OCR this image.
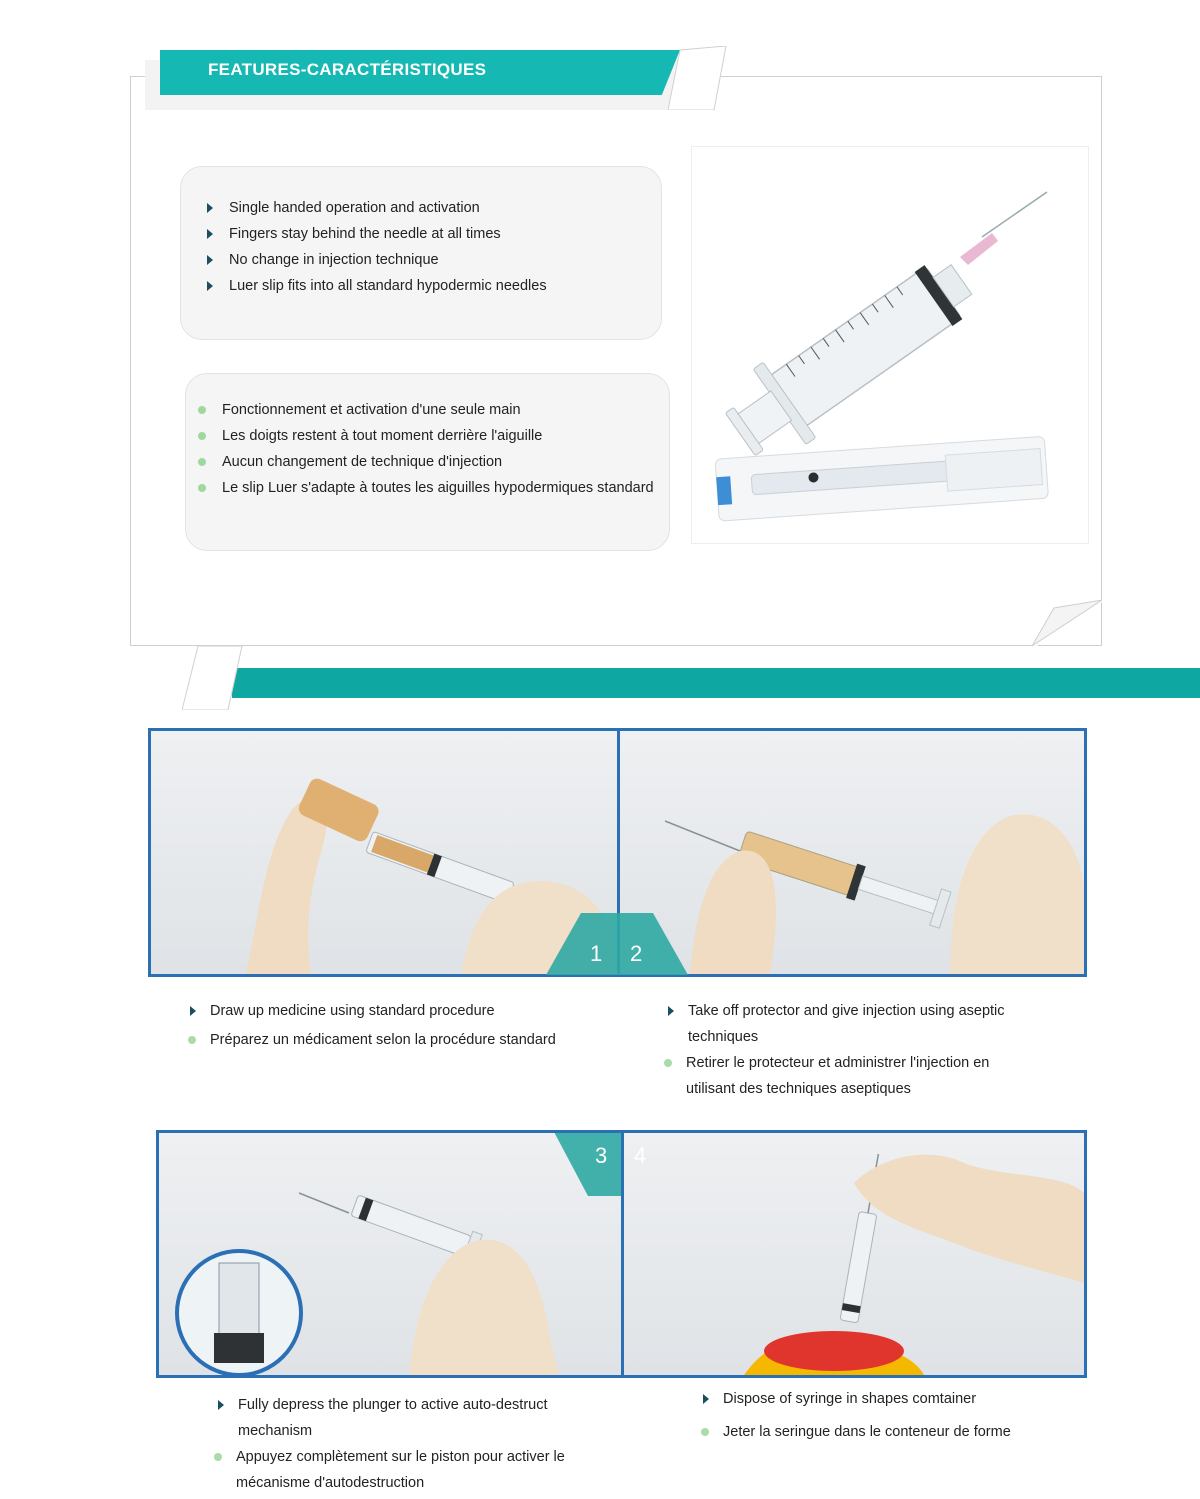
FEATURES-CARACTÉRISTIQUES
Single handed operation and activation
Fingers stay behind the needle at all times
No change in injection technique
Luer slip fits into all standard hypodermic needles
Fonctionnement et activation d'une seule main
Les doigts restent à tout moment derrière l'aiguille
Aucun changement de technique d'injection
Le slip Luer s'adapte à toutes les aiguilles hypodermiques standard
3 4
1 2
Draw up medicine using standard procedure
Préparez un médicament selon la procédure standard
Take off protector and give injection using aseptic
techniques
Retirer le protecteur et administrer l'injection en
utilisant des techniques aseptiques
Fully depress the plunger to active auto-destruct
mechanism
Appuyez complètement sur le piston pour activer le
mécanisme d'autodestruction
Dispose of syringe in shapes comtainer
Jeter la seringue dans le conteneur de forme
